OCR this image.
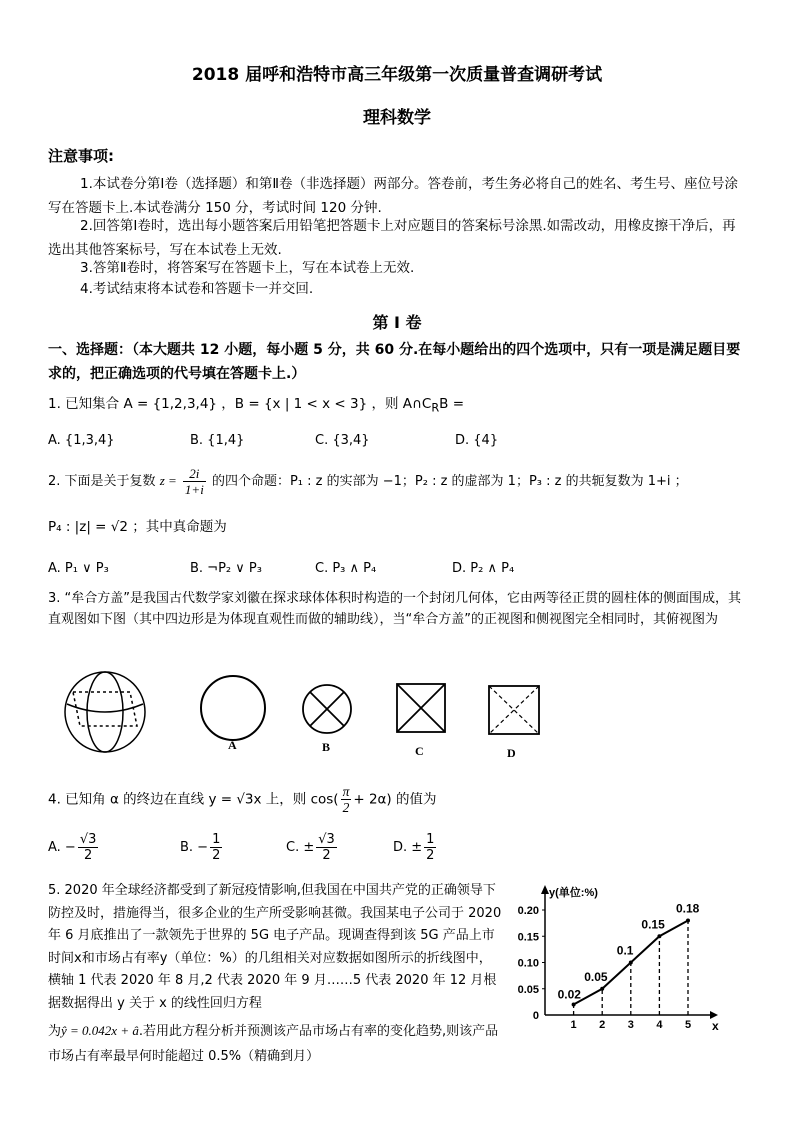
2018 届呼和浩特市高三年级第一次质量普查调研考试
理科数学
注意事项:
1.本试卷分第Ⅰ卷（选择题）和第Ⅱ卷（非选择题）两部分。答卷前，考生务必将自己的姓名、考生号、座位号涂写在答题卡上.本试卷满分 150 分，考试时间 120 分钟.
2.回答第Ⅰ卷时，选出每小题答案后用铅笔把答题卡上对应题目的答案标号涂黑.如需改动，用橡皮擦干净后，再选出其他答案标号，写在本试卷上无效.
3.答第Ⅱ卷时，将答案写在答题卡上，写在本试卷上无效.
4.考试结束将本试卷和答题卡一并交回.
第 I 卷
一、选择题：（本大题共 12 小题，每小题 5 分，共 60 分.在每小题给出的四个选项中，只有一项是满足题目要求的，把正确选项的代号填在答题卡上.）
1. 已知集合 A = {1,2,3,4} ，B = {x | 1 < x < 3} ，则 $A\cap C_RB$ =
A. {1,3,4}	B. {1,4}	C. {3,4}	D. {4}
2. 下面是关于复数 $z = \frac{2i}{1+i}$ 的四个命题：P₁ : z 的实部为 −1；P₂ : z 的虚部为 1；P₃ : z 的共轭复数为 1+i ；
P₄ : |z| = √2 ；其中真命题为
A. P₁ ∨ P₃	B. ¬P₂ ∨ P₃	C. P₃ ∧ P₄	D. P₂ ∧ P₄
3. “牟合方盖”是我国古代数学家刘徽在探求球体体积时构造的一个封闭几何体，它由两等径正贯的圆柱体的侧面围成，其直观图如下图（其中四边形是为体现直观性而做的辅助线），当“牟合方盖”的正视图和侧视图完全相同时，其俯视图为
A	B	C	D
4. 已知角 α 的终边在直线 y = √3x 上，则 $\cos( \frac{\pi}{2} + 2\alpha)$ 的值为
A. − $\frac{√3}{2}$	B. − $\frac{1}{2}$	C. ± $\frac{√3}{2}$	D. ± $\frac{1}{2}$
5. 2020 年全球经济都受到了新冠疫情影响,但我国在中国共产党的正确领导下防控及时，措施得当，很多企业的生产所受影响甚微。我国某电子公司于 2020 年 6 月底推出了一款领先于世界的 5G 电子产品。现调查得到该 5G 产品上市时间x和市场占有率y（单位：%）的几组相关对应数据如图所示的折线图中，横轴 1 代表 2020 年 8 月,2 代表 2020 年 9 月……5 代表 2020 年 12 月根据数据得出 y 关于 x 的线性回归方程
为ŷ = 0.042x + â.若用此方程分析并预测该产品市场占有率的变化趋势,则该产品市场占有率最早何时能超过 0.5%（精确到月）
y(单位:%)
x
0
0.05
0.10
0.15
0.20
1 2 3 4 5
0.02
0.05
0.1
0.15
0.18
